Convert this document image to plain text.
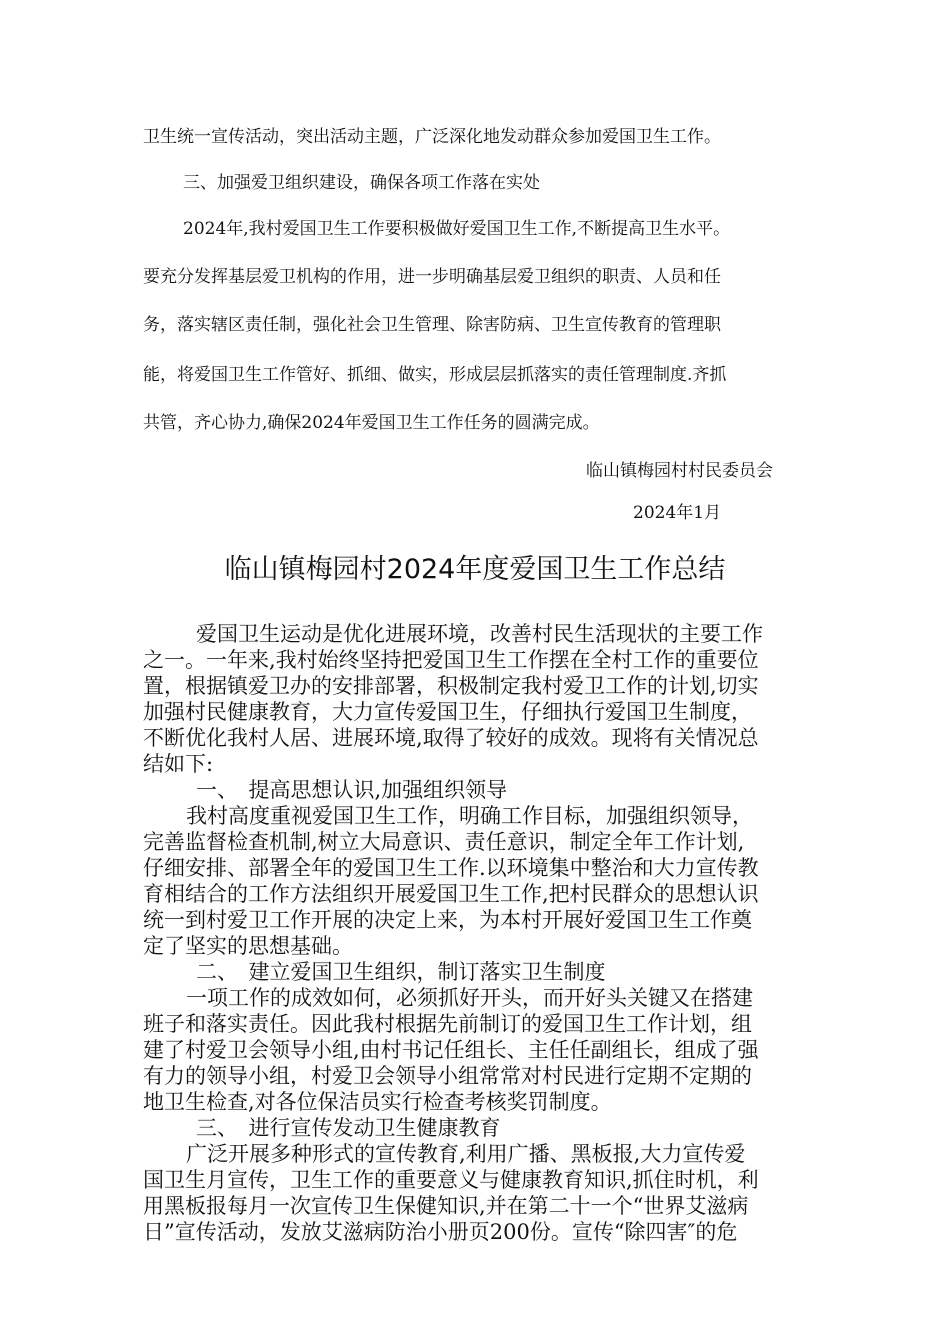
卫生统一宣传活动，突出活动主题，广泛深化地发动群众参加爱国卫生工作。
三、加强爱卫组织建设，确保各项工作落在实处
2024年,我村爱国卫生工作要积极做好爱国卫生工作,不断提高卫生水平。
要充分发挥基层爱卫机构的作用，进一步明确基层爱卫组织的职责、人员和任
务，落实辖区责任制，强化社会卫生管理、除害防病、卫生宣传教育的管理职
能，将爱国卫生工作管好、抓细、做实，形成层层抓落实的责任管理制度.齐抓
共管，齐心协力,确保2024年爱国卫生工作任务的圆满完成。
临山镇梅园村村民委员会
2024年1月
临山镇梅园村2024年度爱国卫生工作总结
爱国卫生运动是优化进展环境，改善村民生活现状的主要工作
之一。一年来,我村始终坚持把爱国卫生工作摆在全村工作的重要位
置，根据镇爱卫办的安排部署，积极制定我村爱卫工作的计划,切实
加强村民健康教育，大力宣传爱国卫生，仔细执行爱国卫生制度，
不断优化我村人居、进展环境,取得了较好的成效。现将有关情况总
结如下:
一、　提高思想认识,加强组织领导
我村高度重视爱国卫生工作，明确工作目标，加强组织领导，
完善监督检查机制,树立大局意识、责任意识，制定全年工作计划,
仔细安排、部署全年的爱国卫生工作.以环境集中整治和大力宣传教
育相结合的工作方法组织开展爱国卫生工作,把村民群众的思想认识
统一到村爱卫工作开展的决定上来，为本村开展好爱国卫生工作奠
定了坚实的思想基础。
二、　建立爱国卫生组织，制订落实卫生制度
一项工作的成效如何，必须抓好开头，而开好头关键又在搭建
班子和落实责任。因此我村根据先前制订的爱国卫生工作计划，组
建了村爱卫会领导小组,由村书记任组长、主任任副组长，组成了强
有力的领导小组，村爱卫会领导小组常常对村民进行定期不定期的
地卫生检查,对各位保洁员实行检查考核奖罚制度。
三、　进行宣传发动卫生健康教育
广泛开展多种形式的宣传教育,利用广播、黑板报,大力宣传爱
国卫生月宣传，卫生工作的重要意义与健康教育知识,抓住时机，利
用黑板报每月一次宣传卫生保健知识,并在第二十一个“世界艾滋病
日”宣传活动，发放艾滋病防治小册页200份。宣传“除四害″的危
